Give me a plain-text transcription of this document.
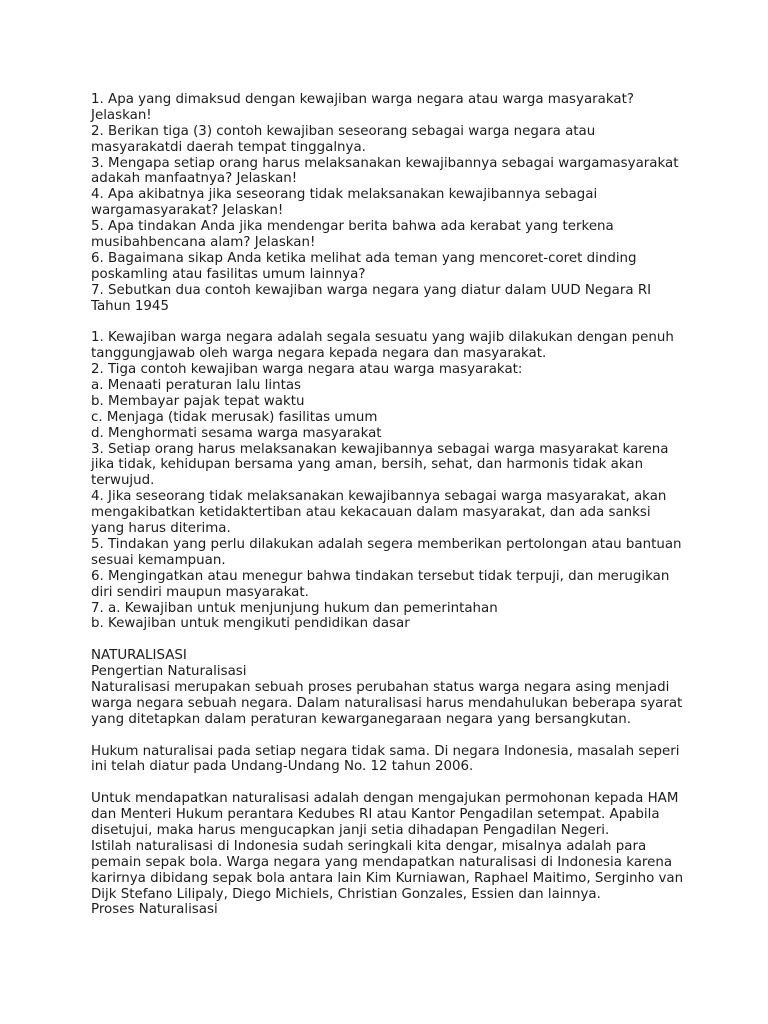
1. Apa yang dimaksud dengan kewajiban warga negara atau warga masyarakat?
Jelaskan!
2. Berikan tiga (3) contoh kewajiban seseorang sebagai warga negara atau
masyarakatdi daerah tempat tinggalnya.
3. Mengapa setiap orang harus melaksanakan kewajibannya sebagai wargamasyarakat
adakah manfaatnya? Jelaskan!
4. Apa akibatnya jika seseorang tidak melaksanakan kewajibannya sebagai
wargamasyarakat? Jelaskan!
5. Apa tindakan Anda jika mendengar berita bahwa ada kerabat yang terkena
musibahbencana alam? Jelaskan!
6. Bagaimana sikap Anda ketika melihat ada teman yang mencoret-coret dinding
poskamling atau fasilitas umum lainnya?
7. Sebutkan dua contoh kewajiban warga negara yang diatur dalam UUD Negara RI
Tahun 1945
1. Kewajiban warga negara adalah segala sesuatu yang wajib dilakukan dengan penuh
tanggungjawab oleh warga negara kepada negara dan masyarakat.
2. Tiga contoh kewajiban warga negara atau warga masyarakat:
a. Menaati peraturan lalu lintas
b. Membayar pajak tepat waktu
c. Menjaga (tidak merusak) fasilitas umum
d. Menghormati sesama warga masyarakat
3. Setiap orang harus melaksanakan kewajibannya sebagai warga masyarakat karena
jika tidak, kehidupan bersama yang aman, bersih, sehat, dan harmonis tidak akan
terwujud.
4. Jika seseorang tidak melaksanakan kewajibannya sebagai warga masyarakat, akan
mengakibatkan ketidaktertiban atau kekacauan dalam masyarakat, dan ada sanksi
yang harus diterima.
5. Tindakan yang perlu dilakukan adalah segera memberikan pertolongan atau bantuan
sesuai kemampuan.
6. Mengingatkan atau menegur bahwa tindakan tersebut tidak terpuji, dan merugikan
diri sendiri maupun masyarakat.
7. a. Kewajiban untuk menjunjung hukum dan pemerintahan
b. Kewajiban untuk mengikuti pendidikan dasar
NATURALISASI
Pengertian Naturalisasi
Naturalisasi merupakan sebuah proses perubahan status warga negara asing menjadi
warga negara sebuah negara. Dalam naturalisasi harus mendahulukan beberapa syarat
yang ditetapkan dalam peraturan kewarganegaraan negara yang bersangkutan.
Hukum naturalisai pada setiap negara tidak sama. Di negara Indonesia, masalah seperi
ini telah diatur pada Undang-Undang No. 12 tahun 2006.
Untuk mendapatkan naturalisasi adalah dengan mengajukan permohonan kepada HAM
dan Menteri Hukum perantara Kedubes RI atau Kantor Pengadilan setempat. Apabila
disetujui, maka harus mengucapkan janji setia dihadapan Pengadilan Negeri.
Istilah naturalisasi di Indonesia sudah seringkali kita dengar, misalnya adalah para
pemain sepak bola. Warga negara yang mendapatkan naturalisasi di Indonesia karena
karirnya dibidang sepak bola antara lain Kim Kurniawan, Raphael Maitimo, Serginho van
Dijk Stefano Lilipaly, Diego Michiels, Christian Gonzales, Essien dan lainnya.
Proses Naturalisasi
